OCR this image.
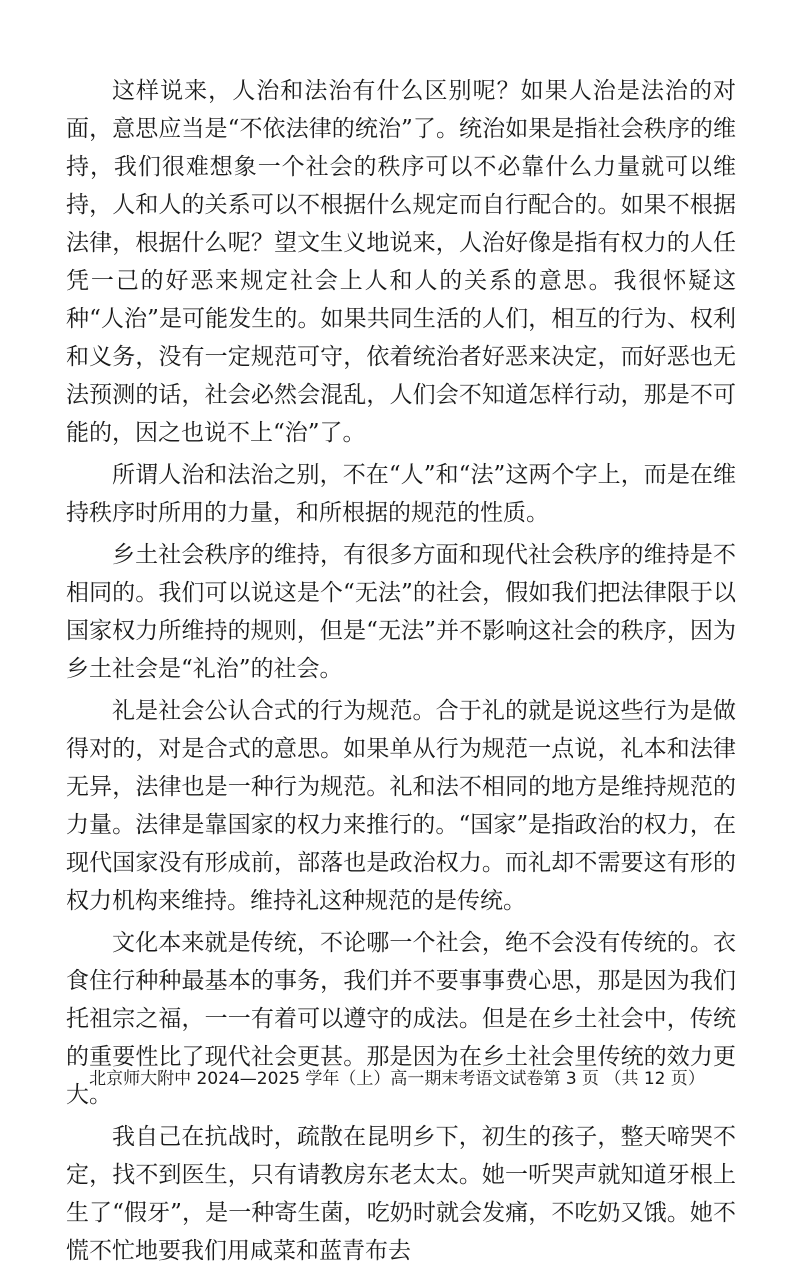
这样说来，人治和法治有什么区别呢？如果人治是法治的对面，意思应当是“不依法律的统治”了。统治如果是指社会秩序的维持，我们很难想象一个社会的秩序可以不必靠什么力量就可以维持，人和人的关系可以不根据什么规定而自行配合的。如果不根据法律，根据什么呢？望文生义地说来，人治好像是指有权力的人任凭一己的好恶来规定社会上人和人的关系的意思。我很怀疑这种“人治”是可能发生的。如果共同生活的人们，相互的行为、权利和义务，没有一定规范可守，依着统治者好恶来决定，而好恶也无法预测的话，社会必然会混乱，人们会不知道怎样行动，那是不可能的，因之也说不上“治”了。

所谓人治和法治之别，不在“人”和“法”这两个字上，而是在维持秩序时所用的力量，和所根据的规范的性质。

乡土社会秩序的维持，有很多方面和现代社会秩序的维持是不相同的。我们可以说这是个“无法”的社会，假如我们把法律限于以国家权力所维持的规则，但是“无法”并不影响这社会的秩序，因为乡土社会是“礼治”的社会。

礼是社会公认合式的行为规范。合于礼的就是说这些行为是做得对的，对是合式的意思。如果单从行为规范一点说，礼本和法律无异，法律也是一种行为规范。礼和法不相同的地方是维持规范的力量。法律是靠国家的权力来推行的。“国家”是指政治的权力，在现代国家没有形成前，部落也是政治权力。而礼却不需要这有形的权力机构来维持。维持礼这种规范的是传统。

文化本来就是传统，不论哪一个社会，绝不会没有传统的。衣食住行种种最基本的事务，我们并不要事事费心思，那是因为我们托祖宗之福，一一有着可以遵守的成法。但是在乡土社会中，传统的重要性比了现代社会更甚。那是因为在乡土社会里传统的效力更大。

我自己在抗战时，疏散在昆明乡下，初生的孩子，整天啼哭不定，找不到医生，只有请教房东老太太。她一听哭声就知道牙根上生了“假牙”，是一种寄生菌，吃奶时就会发痛，不吃奶又饿。她不慌不忙地要我们用咸菜和蓝青布去

北京师大附中 2024—2025 学年（上）高一期末考语文试卷第 3 页 （共 12 页）
